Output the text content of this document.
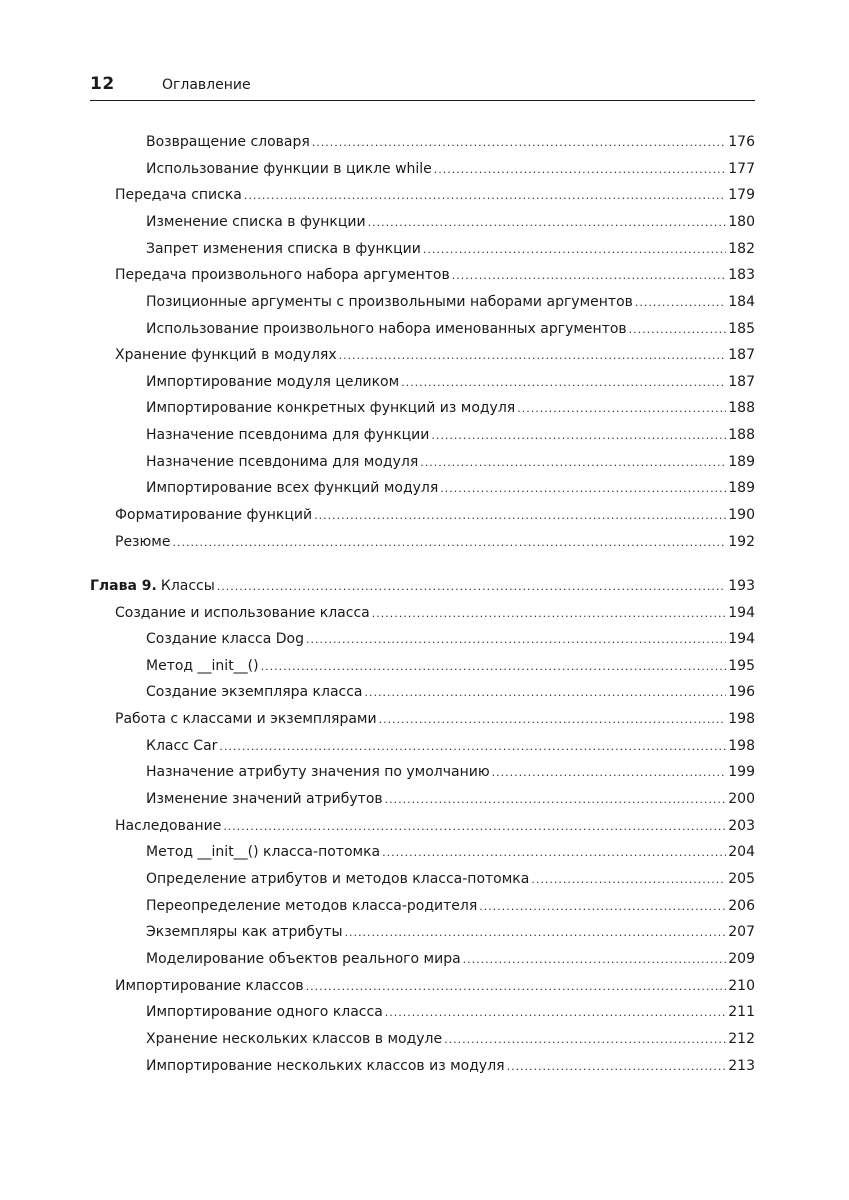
12	Оглавление
Возвращение словаря .....	176
Использование функции в цикле while .....	177
Передача списка .....	179
Изменение списка в функции .....	180
Запрет изменения списка в функции .....	182
Передача произвольного набора аргументов .....	183
Позиционные аргументы с произвольными наборами аргументов .....	184
Использование произвольного набора именованных аргументов .....	185
Хранение функций в модулях .....	187
Импортирование модуля целиком .....	187
Импортирование конкретных функций из модуля .....	188
Назначение псевдонима для функции .....	188
Назначение псевдонима для модуля .....	189
Импортирование всех функций модуля .....	189
Форматирование функций .....	190
Резюме .....	192
Глава 9. Классы .....	193
Создание и использование класса .....	194
Создание класса Dog .....	194
Метод __init__() .....	195
Создание экземпляра класса .....	196
Работа с классами и экземплярами .....	198
Класс Car .....	198
Назначение атрибуту значения по умолчанию .....	199
Изменение значений атрибутов .....	200
Наследование .....	203
Метод __init__() класса-потомка .....	204
Определение атрибутов и методов класса-потомка .....	205
Переопределение методов класса-родителя .....	206
Экземпляры как атрибуты .....	207
Моделирование объектов реального мира .....	209
Импортирование классов .....	210
Импортирование одного класса .....	211
Хранение нескольких классов в модуле .....	212
Импортирование нескольких классов из модуля .....	213
